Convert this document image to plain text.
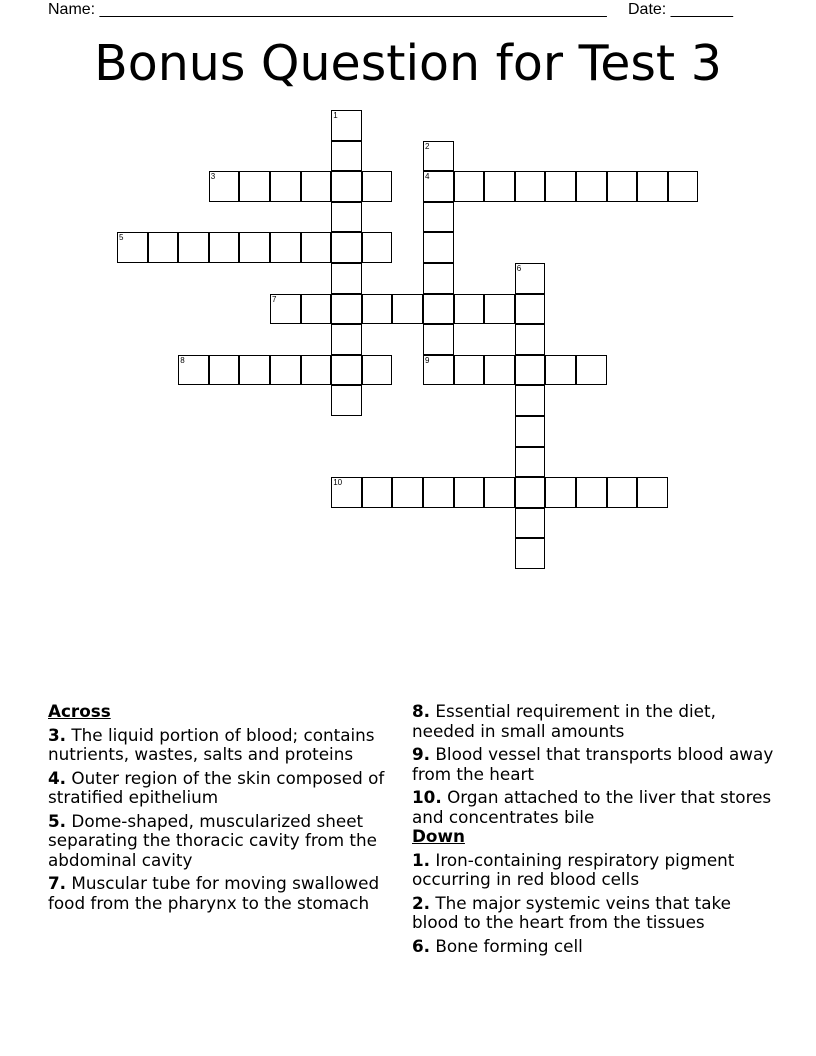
Name: _________________________________________________________ Date: _______
Bonus Question for Test 3
1
2
4
9
3
5
6
7
8
10
Across
3. The liquid portion of blood; contains nutrients, wastes, salts and proteins
4. Outer region of the skin composed of stratified epithelium
5. Dome-shaped, muscularized sheet separating the thoracic cavity from the abdominal cavity
7. Muscular tube for moving swallowed food from the pharynx to the stomach
8. Essential requirement in the diet, needed in small amounts
9. Blood vessel that transports blood away from the heart
10. Organ attached to the liver that stores and concentrates bile
Down
1. Iron-containing respiratory pigment occurring in red blood cells
2. The major systemic veins that take blood to the heart from the tissues
6. Bone forming cell
